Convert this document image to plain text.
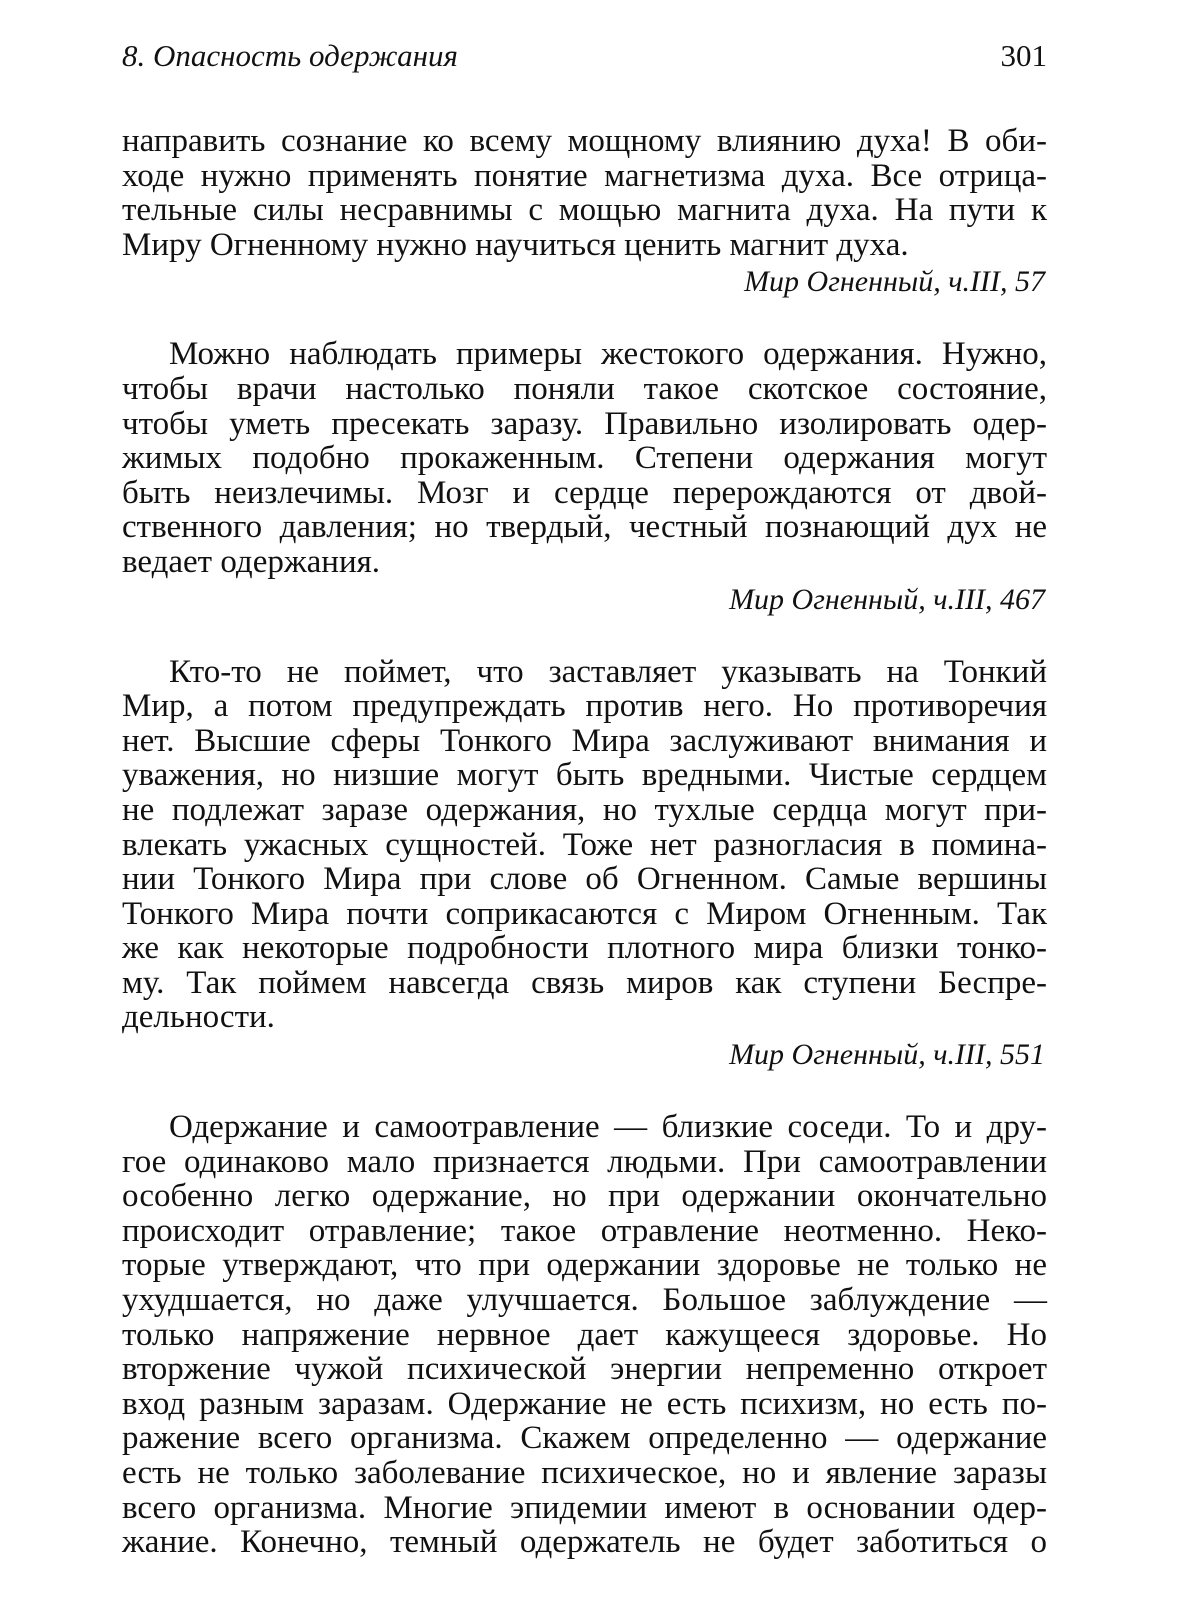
8. Опасность одержания	301
направить сознание ко всему мощному влиянию духа! В оби-
ходе нужно применять понятие магнетизма духа. Все отрица-
тельные силы несравнимы с мощью магнита духа. На пути к
Миру Огненному нужно научиться ценить магнит духа.
Мир Огненный, ч.III, 57
Можно наблюдать примеры жестокого одержания. Нужно,
чтобы врачи настолько поняли такое скотское состояние,
чтобы уметь пресекать заразу. Правильно изолировать одер-
жимых подобно прокаженным. Степени одержания могут
быть неизлечимы. Мозг и сердце перерождаются от двой-
ственного давления; но твердый, честный познающий дух не
ведает одержания.
Мир Огненный, ч.III, 467
Кто-то не поймет, что заставляет указывать на Тонкий
Мир, а потом предупреждать против него. Но противоречия
нет. Высшие сферы Тонкого Мира заслуживают внимания и
уважения, но низшие могут быть вредными. Чистые сердцем
не подлежат заразе одержания, но тухлые сердца могут при-
влекать ужасных сущностей. Тоже нет разногласия в помина-
нии Тонкого Мира при слове об Огненном. Самые вершины
Тонкого Мира почти соприкасаются с Миром Огненным. Так
же как некоторые подробности плотного мира близки тонко-
му. Так поймем навсегда связь миров как ступени Беспре-
дельности.
Мир Огненный, ч.III, 551
Одержание и самоотравление — близкие соседи. То и дру-
гое одинаково мало признается людьми. При самоотравлении
особенно легко одержание, но при одержании окончательно
происходит отравление; такое отравление неотменно. Неко-
торые утверждают, что при одержании здоровье не только не
ухудшается, но даже улучшается. Большое заблуждение —
только напряжение нервное дает кажущееся здоровье. Но
вторжение чужой психической энергии непременно откроет
вход разным заразам. Одержание не есть психизм, но есть по-
ражение всего организма. Скажем определенно — одержание
есть не только заболевание психическое, но и явление заразы
всего организма. Многие эпидемии имеют в основании одер-
жание. Конечно, темный одержатель не будет заботиться о
